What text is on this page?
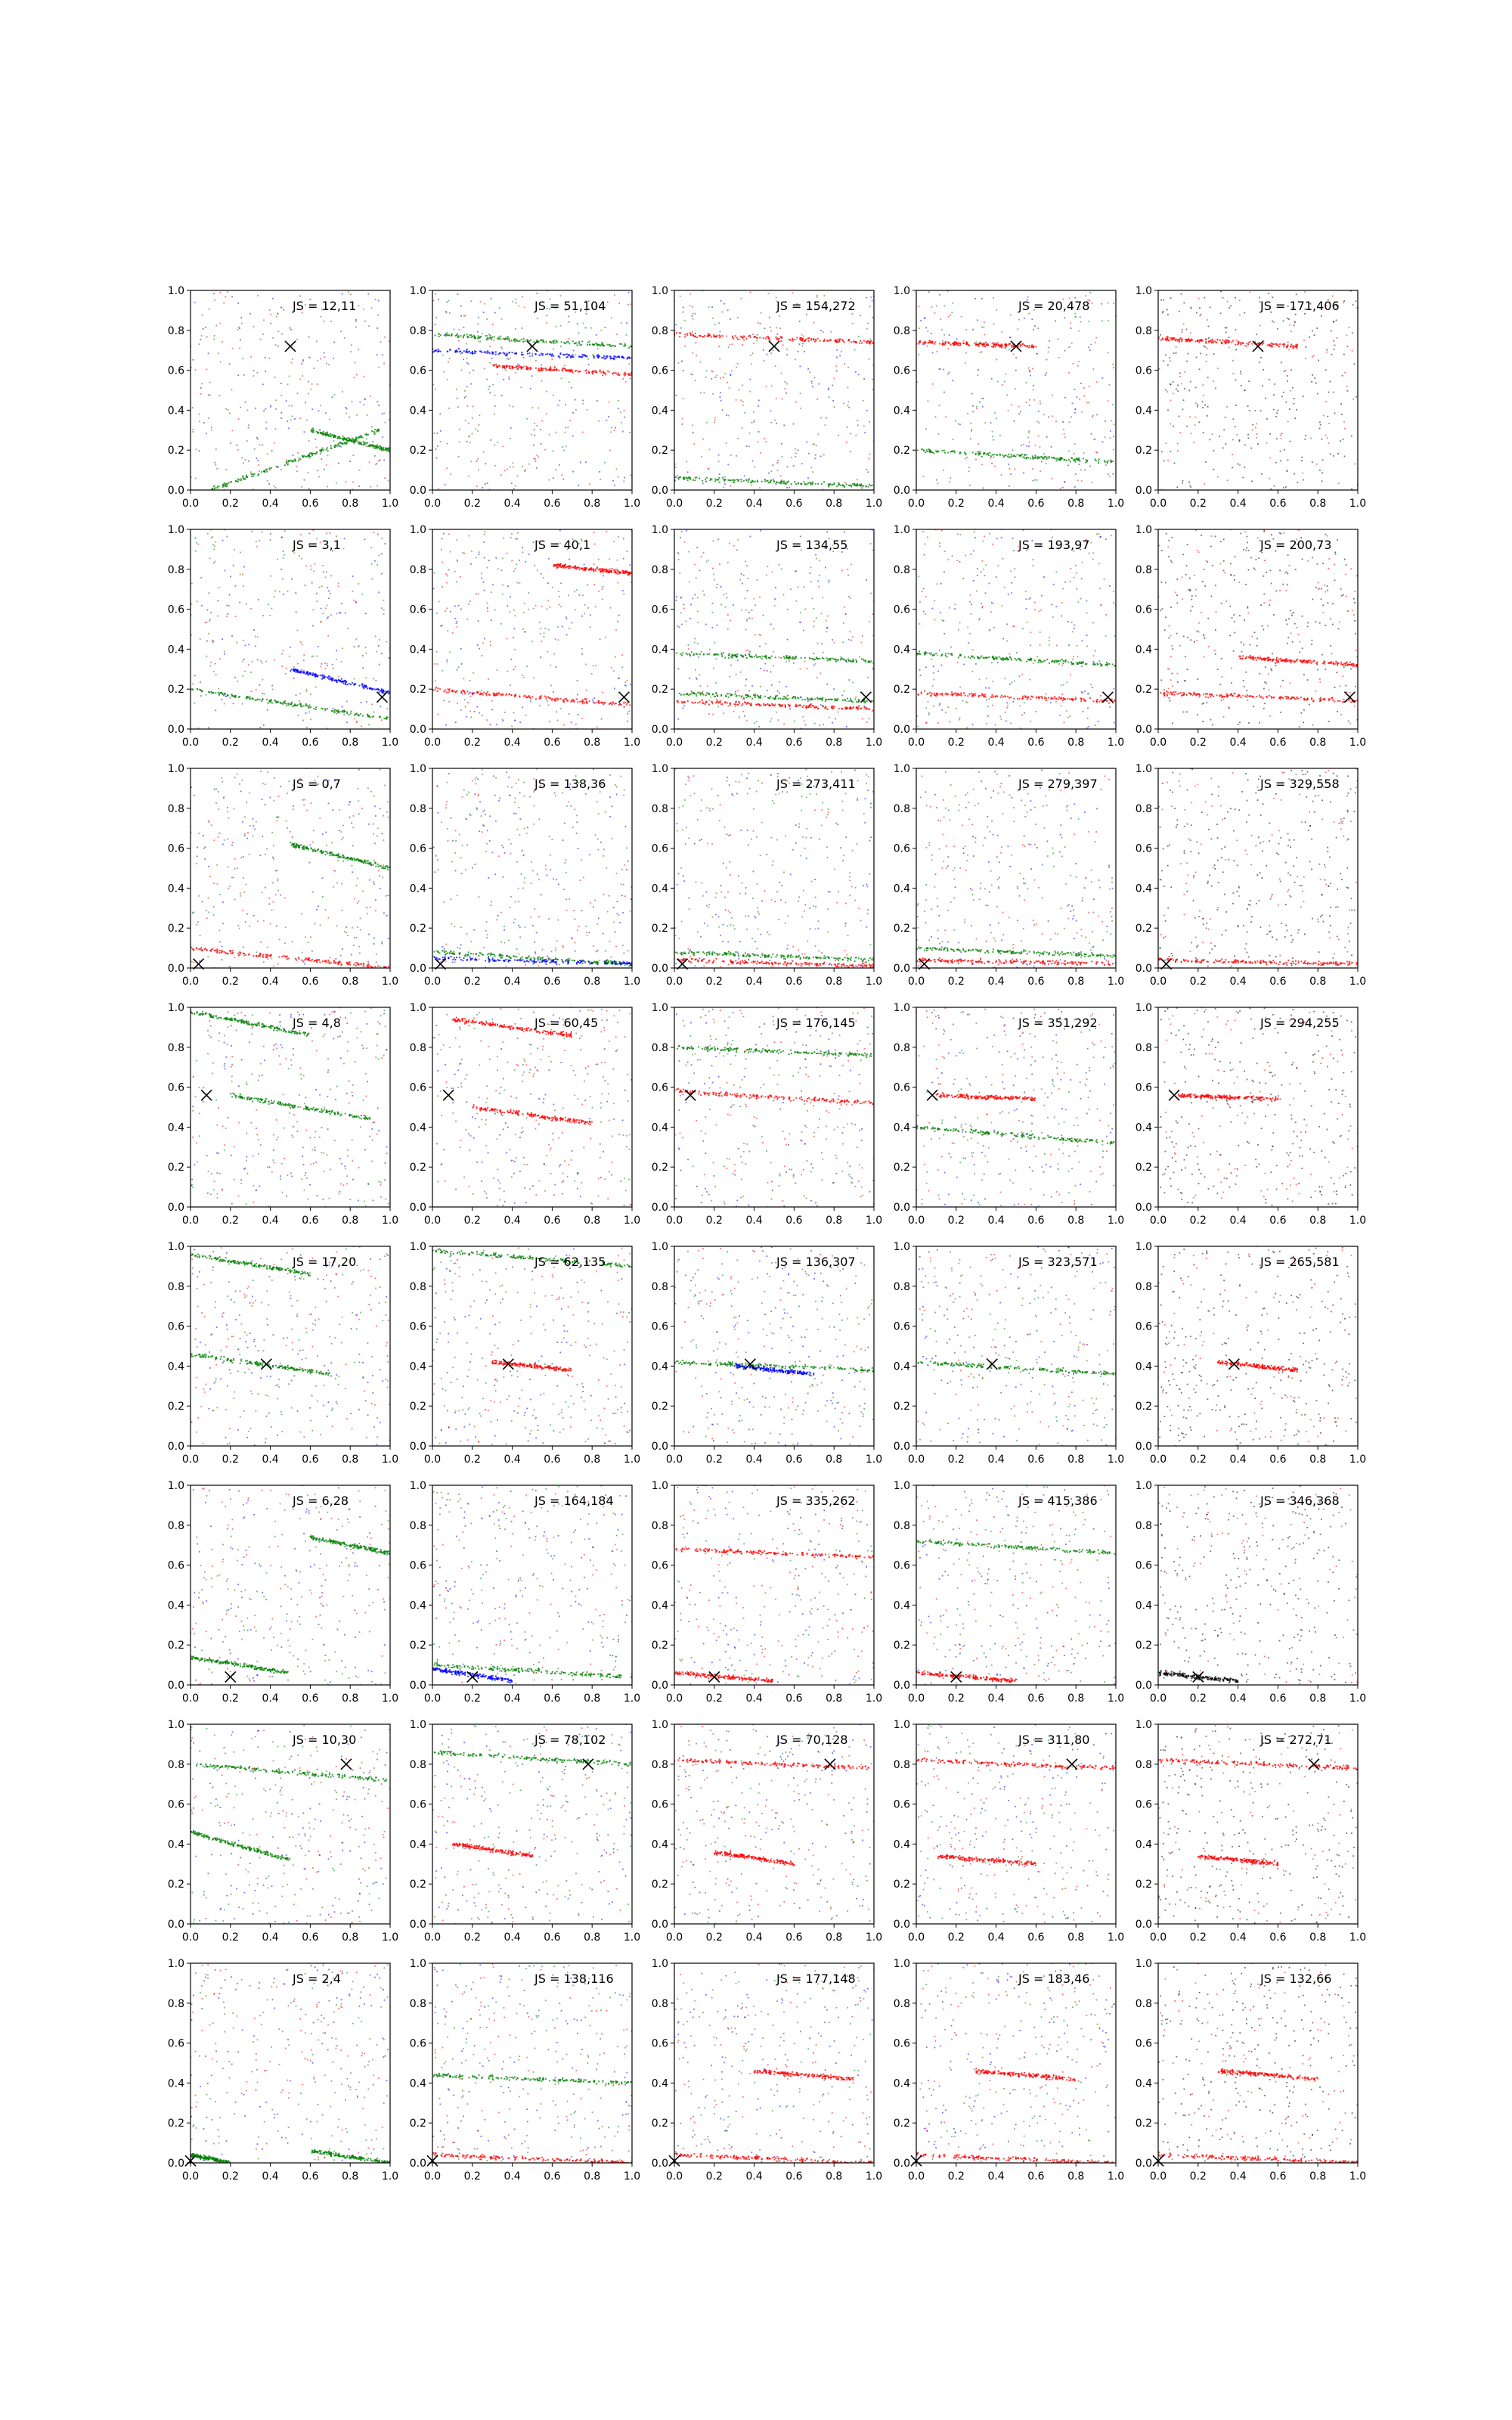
0.0 0.2 0.4 0.6 0.8 1.0
0.0
0.2
0.4
0.6
0.8
1.0
JS = 12,11
0.0 0.2 0.4 0.6 0.8 1.0
0.0
0.2
0.4
0.6
0.8
1.0
JS = 51,104
0.0 0.2 0.4 0.6 0.8 1.0
0.0
0.2
0.4
0.6
0.8
1.0
JS = 154,272
0.0 0.2 0.4 0.6 0.8 1.0
0.0
0.2
0.4
0.6
0.8
1.0
JS = 20,478
0.0 0.2 0.4 0.6 0.8 1.0
0.0
0.2
0.4
0.6
0.8
1.0
JS = 171,406
0.0 0.2 0.4 0.6 0.8 1.0
0.0
0.2
0.4
0.6
0.8
1.0
JS = 3,1
0.0 0.2 0.4 0.6 0.8 1.0
0.0
0.2
0.4
0.6
0.8
1.0
JS = 40,1
0.0 0.2 0.4 0.6 0.8 1.0
0.0
0.2
0.4
0.6
0.8
1.0
JS = 134,55
0.0 0.2 0.4 0.6 0.8 1.0
0.0
0.2
0.4
0.6
0.8
1.0
JS = 193,97
0.0 0.2 0.4 0.6 0.8 1.0
0.0
0.2
0.4
0.6
0.8
1.0
JS = 200,73
0.0 0.2 0.4 0.6 0.8 1.0
0.0
0.2
0.4
0.6
0.8
1.0
JS = 0,7
0.0 0.2 0.4 0.6 0.8 1.0
0.0
0.2
0.4
0.6
0.8
1.0
JS = 138,36
0.0 0.2 0.4 0.6 0.8 1.0
0.0
0.2
0.4
0.6
0.8
1.0
JS = 273,411
0.0 0.2 0.4 0.6 0.8 1.0
0.0
0.2
0.4
0.6
0.8
1.0
JS = 279,397
0.0 0.2 0.4 0.6 0.8 1.0
0.0
0.2
0.4
0.6
0.8
1.0
JS = 329,558
0.0 0.2 0.4 0.6 0.8 1.0
0.0
0.2
0.4
0.6
0.8
1.0
JS = 4,8
0.0 0.2 0.4 0.6 0.8 1.0
0.0
0.2
0.4
0.6
0.8
1.0
JS = 60,45
0.0 0.2 0.4 0.6 0.8 1.0
0.0
0.2
0.4
0.6
0.8
1.0
JS = 176,145
0.0 0.2 0.4 0.6 0.8 1.0
0.0
0.2
0.4
0.6
0.8
1.0
JS = 351,292
0.0 0.2 0.4 0.6 0.8 1.0
0.0
0.2
0.4
0.6
0.8
1.0
JS = 294,255
0.0 0.2 0.4 0.6 0.8 1.0
0.0
0.2
0.4
0.6
0.8
1.0
JS = 17,20
0.0 0.2 0.4 0.6 0.8 1.0
0.0
0.2
0.4
0.6
0.8
1.0
JS = 62,135
0.0 0.2 0.4 0.6 0.8 1.0
0.0
0.2
0.4
0.6
0.8
1.0
JS = 136,307
0.0 0.2 0.4 0.6 0.8 1.0
0.0
0.2
0.4
0.6
0.8
1.0
JS = 323,571
0.0 0.2 0.4 0.6 0.8 1.0
0.0
0.2
0.4
0.6
0.8
1.0
JS = 265,581
0.0 0.2 0.4 0.6 0.8 1.0
0.0
0.2
0.4
0.6
0.8
1.0
JS = 6,28
0.0 0.2 0.4 0.6 0.8 1.0
0.0
0.2
0.4
0.6
0.8
1.0
JS = 164,184
0.0 0.2 0.4 0.6 0.8 1.0
0.0
0.2
0.4
0.6
0.8
1.0
JS = 335,262
0.0 0.2 0.4 0.6 0.8 1.0
0.0
0.2
0.4
0.6
0.8
1.0
JS = 415,386
0.0 0.2 0.4 0.6 0.8 1.0
0.0
0.2
0.4
0.6
0.8
1.0
JS = 346,368
0.0 0.2 0.4 0.6 0.8 1.0
0.0
0.2
0.4
0.6
0.8
1.0
JS = 10,30
0.0 0.2 0.4 0.6 0.8 1.0
0.0
0.2
0.4
0.6
0.8
1.0
JS = 78,102
0.0 0.2 0.4 0.6 0.8 1.0
0.0
0.2
0.4
0.6
0.8
1.0
JS = 70,128
0.0 0.2 0.4 0.6 0.8 1.0
0.0
0.2
0.4
0.6
0.8
1.0
JS = 311,80
0.0 0.2 0.4 0.6 0.8 1.0
0.0
0.2
0.4
0.6
0.8
1.0
JS = 272,71
0.0 0.2 0.4 0.6 0.8 1.0
0.0
0.2
0.4
0.6
0.8
1.0
JS = 2,4
0.0 0.2 0.4 0.6 0.8 1.0
0.0
0.2
0.4
0.6
0.8
1.0
JS = 138,116
0.0 0.2 0.4 0.6 0.8 1.0
0.0
0.2
0.4
0.6
0.8
1.0
JS = 177,148
0.0 0.2 0.4 0.6 0.8 1.0
0.0
0.2
0.4
0.6
0.8
1.0
JS = 183,46
0.0 0.2 0.4 0.6 0.8 1.0
0.0
0.2
0.4
0.6
0.8
1.0
JS = 132,66
